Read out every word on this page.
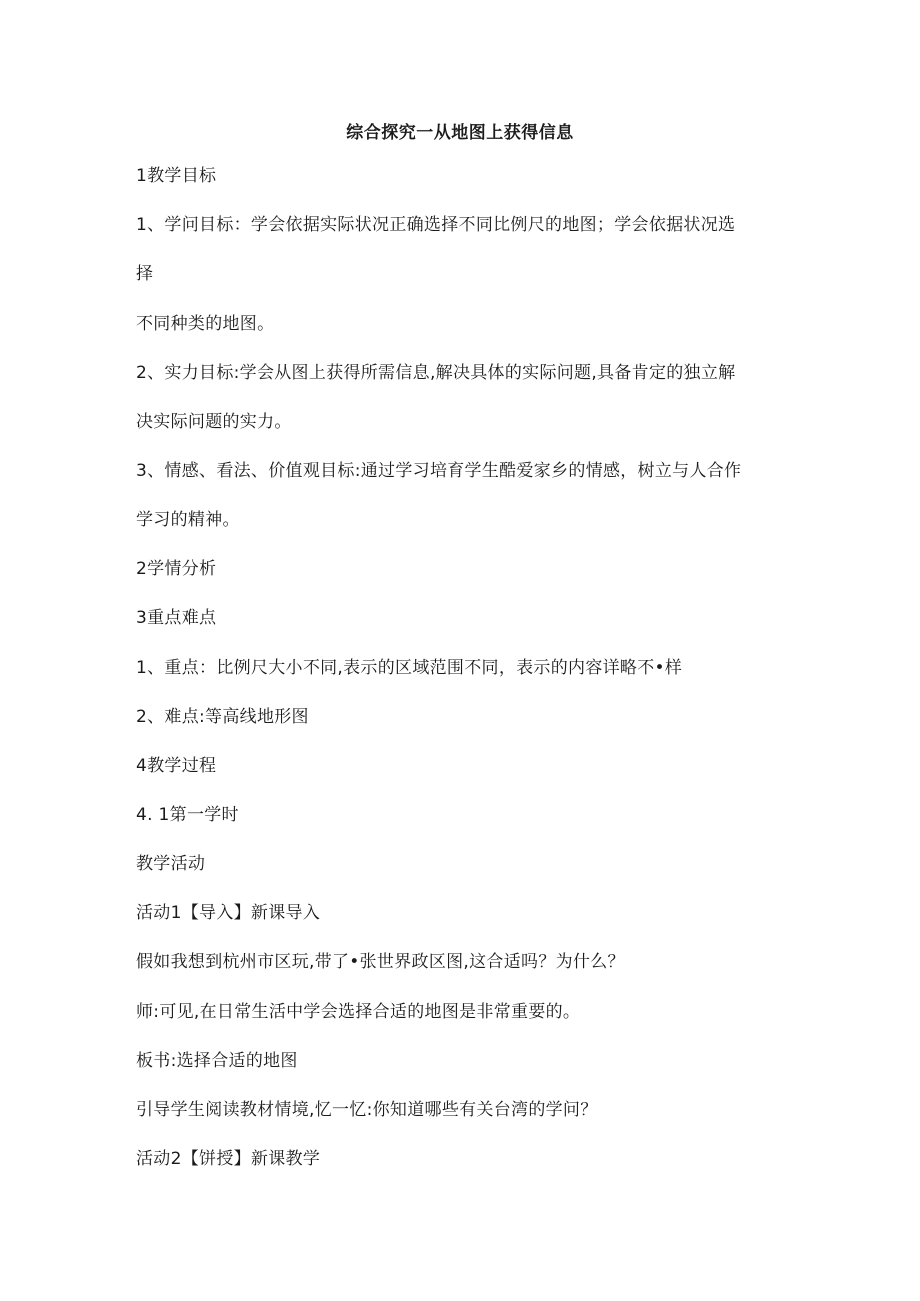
综合探究一从地图上获得信息
1教学目标
1、学问目标：学会依据实际状况正确选择不同比例尺的地图；学会依据状况选
择
不同种类的地图。
2、实力目标:学会从图上获得所需信息,解决具体的实际问题,具备肯定的独立解
决实际问题的实力。
3、情感、看法、价值观目标:通过学习培育学生酷爱家乡的情感，树立与人合作
学习的精神。
2学情分析
3重点难点
1、重点：比例尺大小不同,表示的区域范围不同，表示的内容详略不•样
2、难点:等高线地形图
4教学过程
4. 1第一学时
教学活动
活动1【导入】新课导入
假如我想到杭州市区玩,带了•张世界政区图,这合适吗？为什么？
师:可见,在日常生活中学会选择合适的地图是非常重要的。
板书:选择合适的地图
引导学生阅读教材情境,忆一忆:你知道哪些有关台湾的学问？
活动2【饼授】新课教学
